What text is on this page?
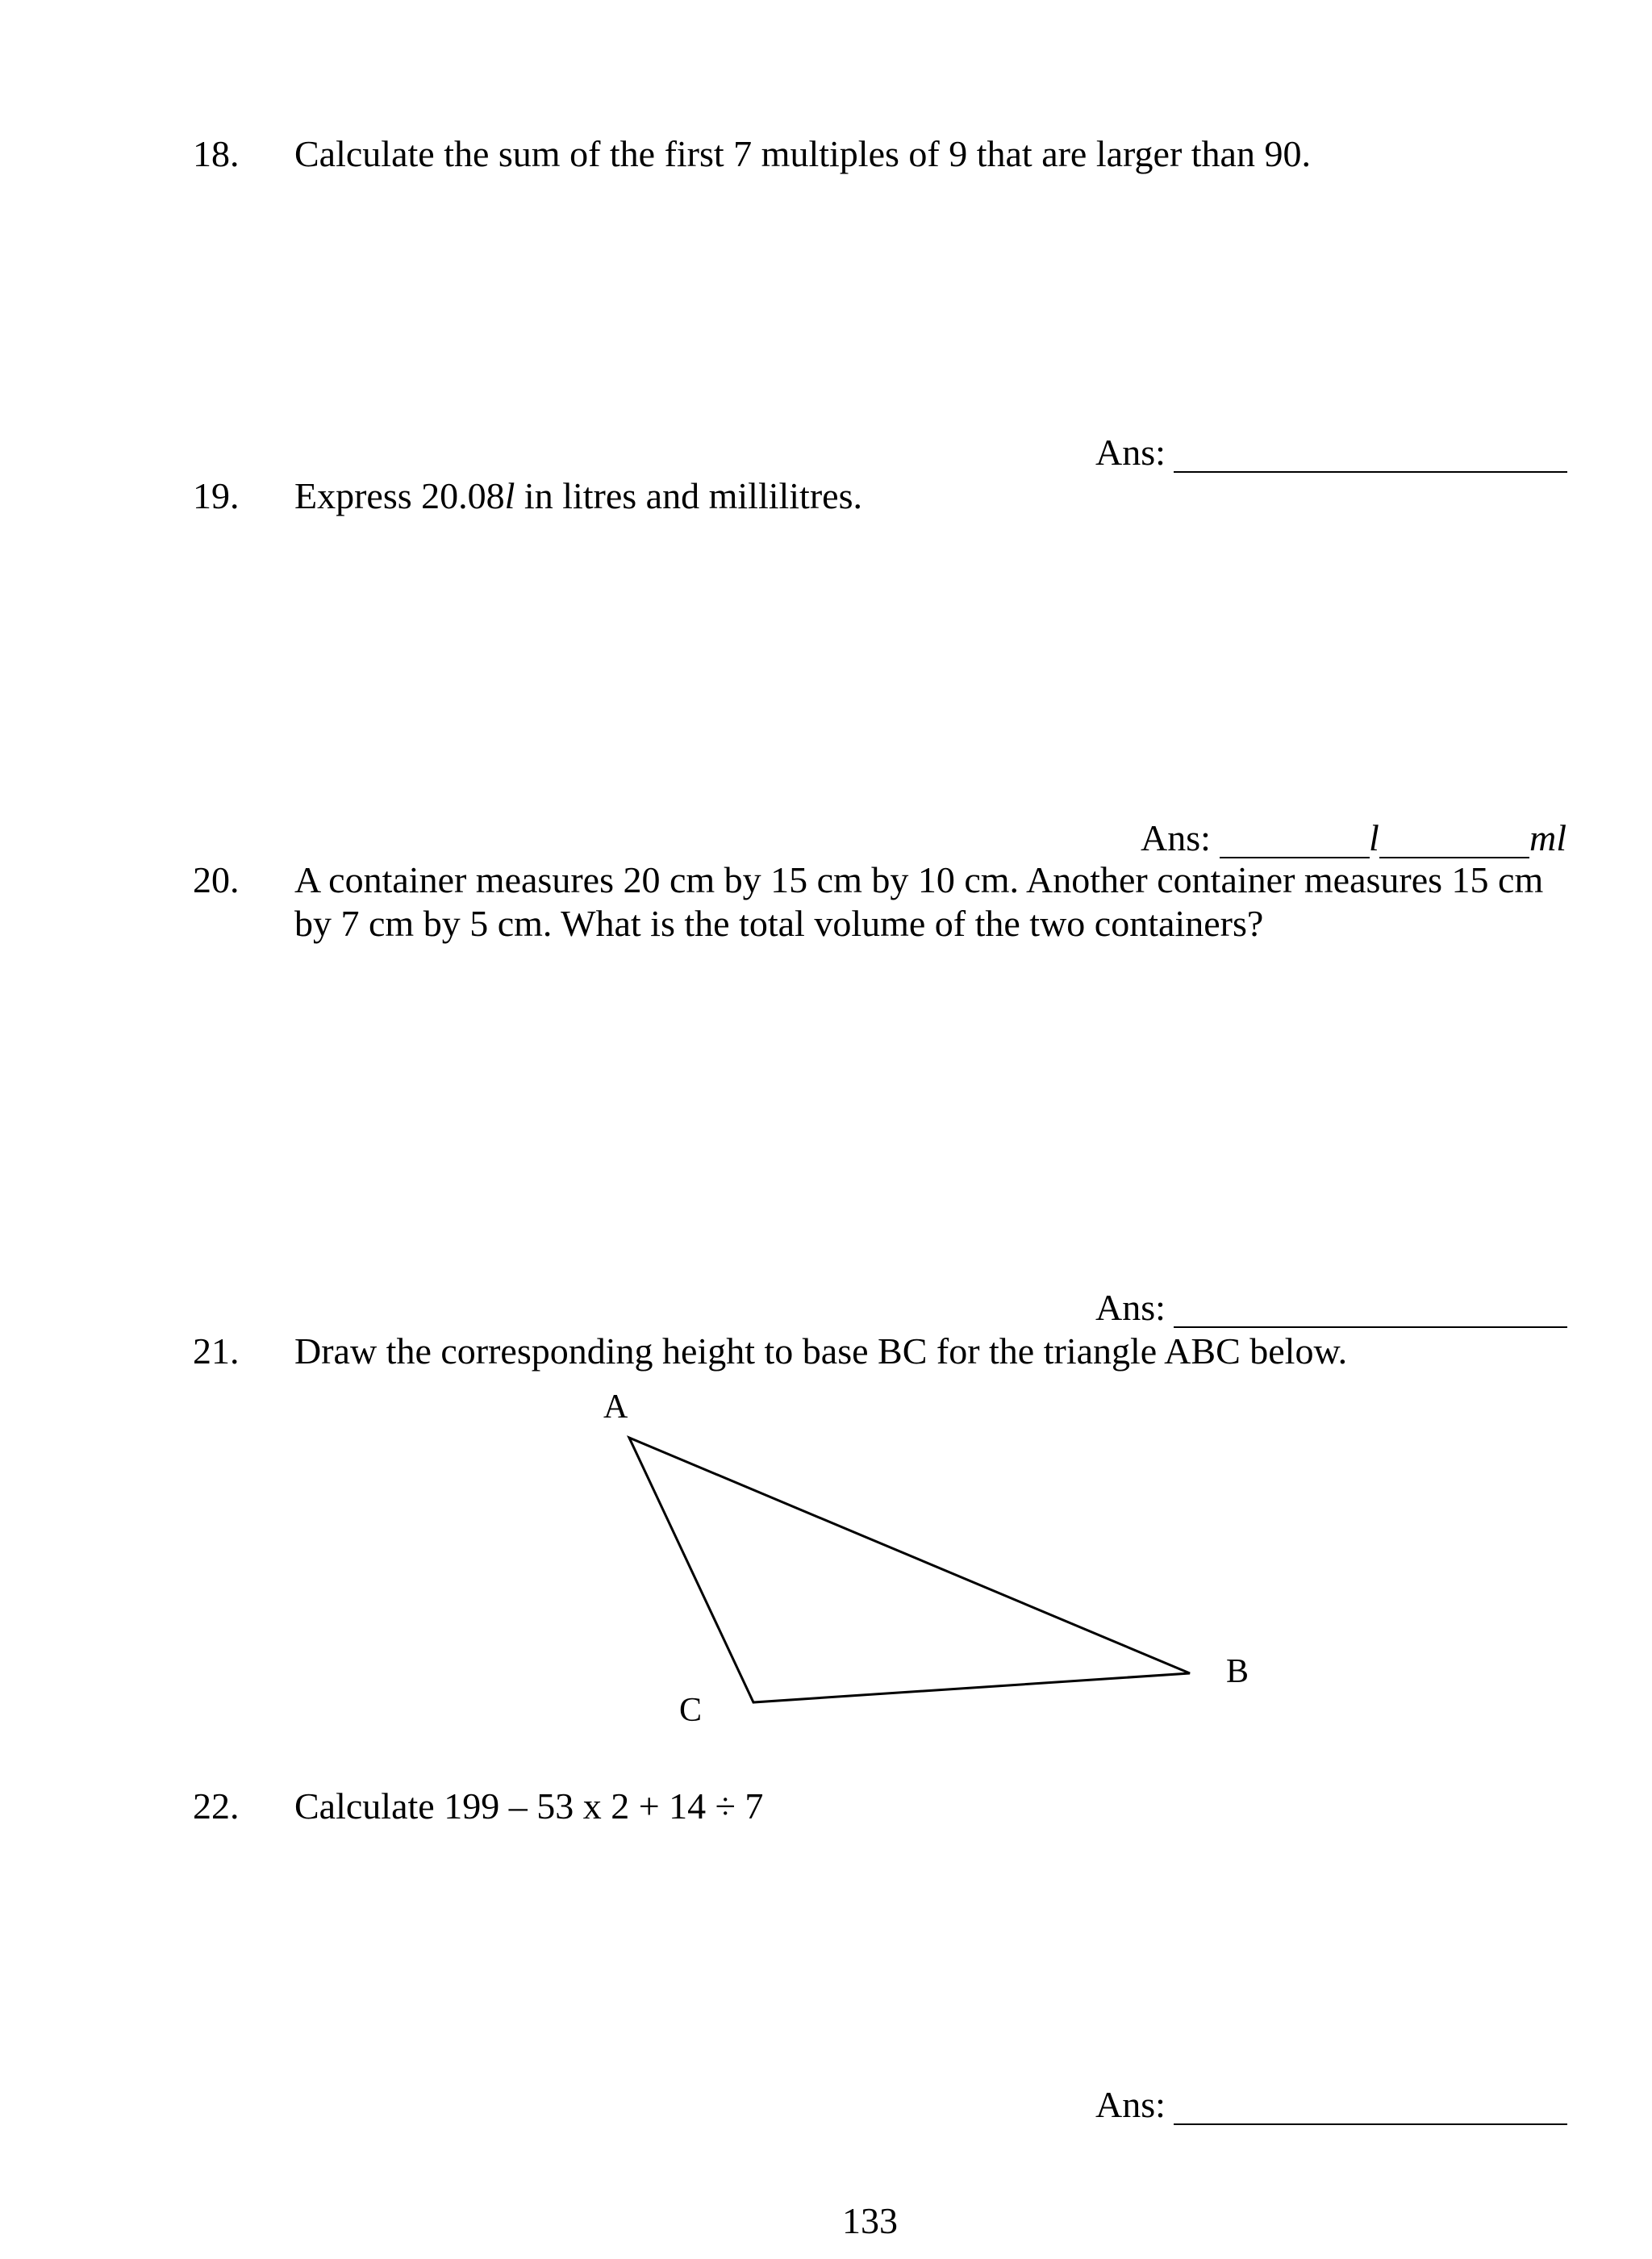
18. Calculate the sum of the first 7 multiples of 9 that are larger than 90.
Ans:
19. Express 20.08l in litres and millilitres.
Ans:	l	ml
20. A container measures 20 cm by 15 cm by 10 cm. Another container measures 15 cm
by 7 cm by 5 cm. What is the total volume of the two containers?
Ans:
21. Draw the corresponding height to base BC for the triangle ABC below.
A
B
C
22. Calculate 199 – 53 x 2 + 14 ÷ 7
Ans:
133
